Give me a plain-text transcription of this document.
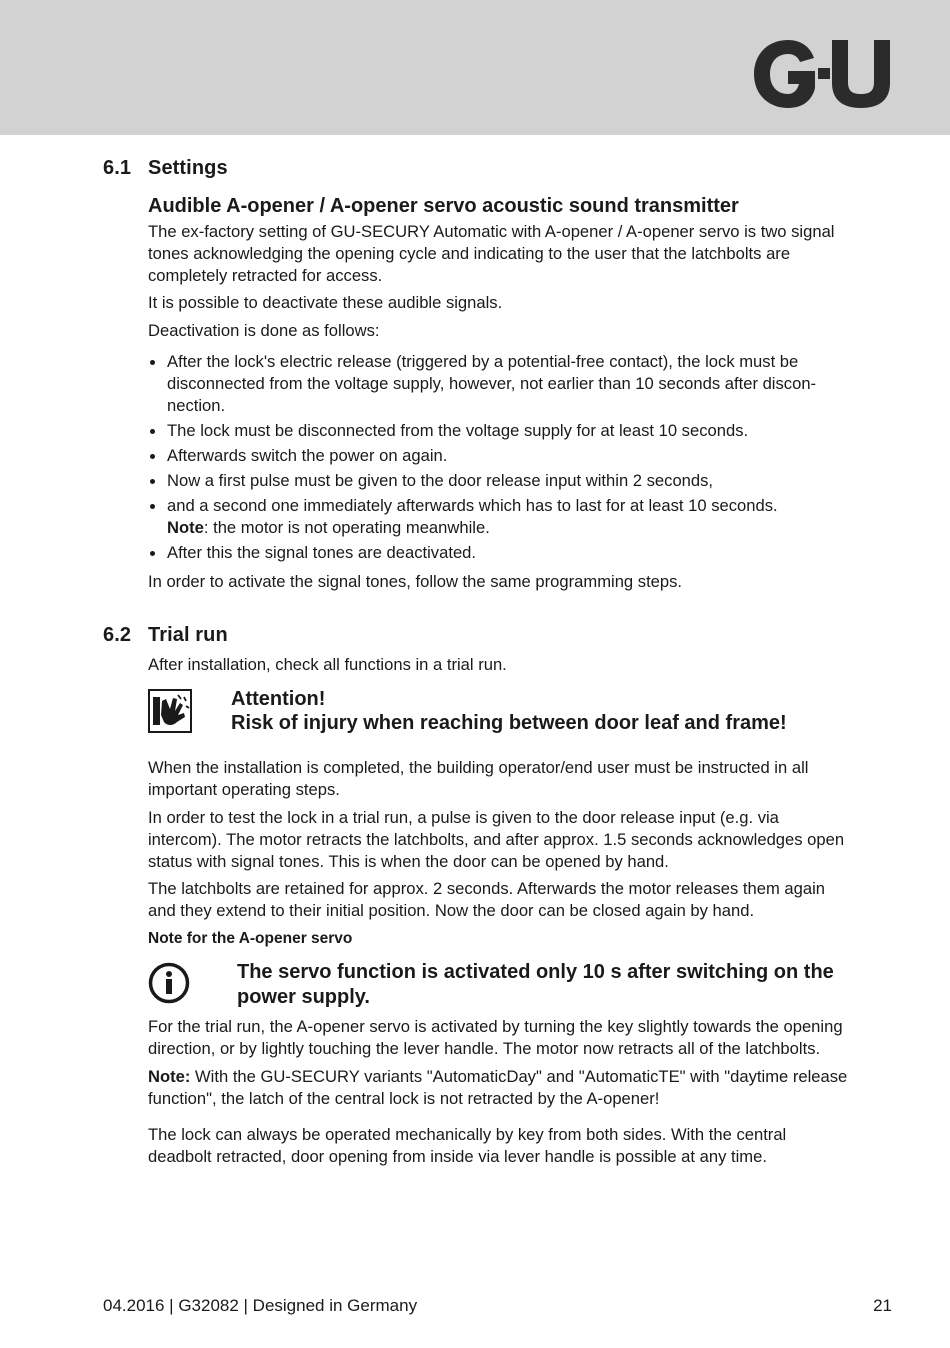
6.1 Settings
Audible A-opener / A-opener servo acoustic sound transmitter
The ex-factory setting of GU-SECURY Automatic with A-opener / A-opener servo is two signal
tones acknowledging the opening cycle and indicating to the user that the latchbolts are
completely retracted for access.
It is possible to deactivate these audible signals.
Deactivation is done as follows:
After the lock's electric release (triggered by a potential-free contact), the lock must be
disconnected from the voltage supply, however, not earlier than 10 seconds after discon-
nection.
The lock must be disconnected from the voltage supply for at least 10 seconds.
Afterwards switch the power on again.
Now a first pulse must be given to the door release input within 2 seconds,
and a second one immediately afterwards which has to last for at least 10 seconds.
Note: the motor is not operating meanwhile.
After this the signal tones are deactivated.
In order to activate the signal tones, follow the same programming steps.
6.2 Trial run
After installation, check all functions in a trial run.
Attention!
Risk of injury when reaching between door leaf and frame!
When the installation is completed, the building operator/end user must be instructed in all
important operating steps.
In order to test the lock in a trial run, a pulse is given to the door release input (e.g. via
intercom). The motor retracts the latchbolts, and after approx. 1.5 seconds acknowledges open
status with signal tones. This is when the door can be opened by hand.
The latchbolts are retained for approx. 2 seconds. Afterwards the motor releases them again
and they extend to their initial position. Now the door can be closed again by hand.
Note for the A-opener servo
The servo function is activated only 10 s after switching on the
power supply.
For the trial run, the A-opener servo is activated by turning the key slightly towards the opening
direction, or by lightly touching the lever handle. The motor now retracts all of the latchbolts.
Note: With the GU-SECURY variants "AutomaticDay" and "AutomaticTE" with "daytime release
function", the latch of the central lock is not retracted by the A-opener!
The lock can always be operated mechanically by key from both sides. With the central
deadbolt retracted, door opening from inside via lever handle is possible at any time.
04.2016 | G32082 | Designed in Germany	21
